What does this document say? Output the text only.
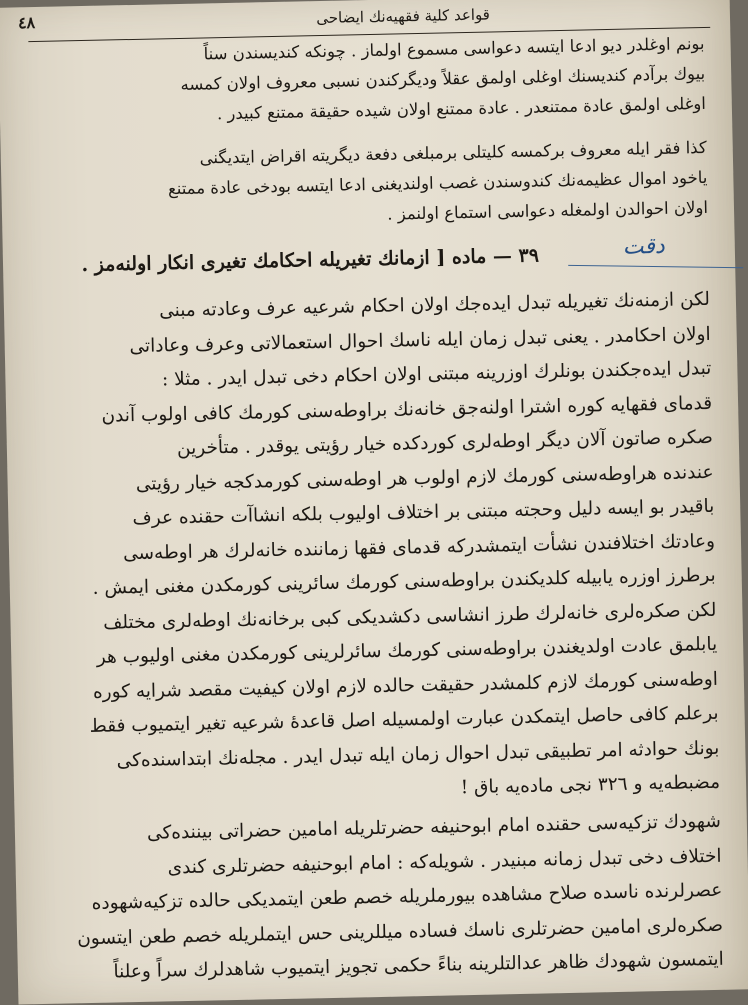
قواعد كلية فقهيه‌نك ايضاحی
٤٨
بونم اوغلدر ديو ادعا ايتسه دعواسی مسموع اولماز . چونكه كنديسندن سناً
بيوك برآدم كنديسنك اوغلی اولمق عقلاً وديگركندن نسبی معروف اولان كمسه
اوغلی اولمق عادة ممتنعدر . عادة ممتنع اولان شيده حقيقة ممتنع كبيدر .
كذا فقر ايله معروف بركمسه كليتلی برمبلغی دفعة ديگريته اقراض ايتديگنی
ياخود اموال عظيمه‌نك كندوسندن غصب اولنديغنی ادعا ايتسه بودخی عادة ممتنع
اولان احوالدن اولمغله دعواسی استماع اولنمز .
٣٩ — ماده [ ازمانك تغيريله احكامك تغيری انكار اولنه‌مز .	دقت
لكن ازمنه‌نك تغيريله تبدل ايده‌جك اولان احكام شرعيه عرف وعادته مبنی
اولان احكامدر . يعنی تبدل زمان ايله ناسك احوال استعمالاتی وعرف وعاداتی
تبدل ايده‌جكندن بونلرك اوزرينه مبتنی اولان احكام دخی تبدل ايدر . مثلا :
قدمای فقهايه كوره اشترا اولنه‌جق خانه‌نك براوطه‌سنی كورمك كافی اولوب آندن
صكره صاتون آلان ديگر اوطه‌لری كوردكده خيار رؤيتی يوقدر . متأخرين
عندنده هراوطه‌سنی كورمك لازم اولوب هر اوطه‌سنی كورمدكجه خيار رؤيتی
باقيدر بو ايسه دليل وحجته مبتنی بر اختلاف اوليوب بلكه انشاآت حقنده عرف
وعادتك اختلافندن نشأت ايتمشدركه قدمای فقها زماننده خانه‌لرك هر اوطه‌سی
برطرز اوزره يابيله كلديكندن براوطه‌سنی كورمك سائرينی كورمكدن مغنی ايمش .
لكن صكره‌لری خانه‌لرك طرز انشاسی دكشديكی كبی برخانه‌نك اوطه‌لری مختلف
يابلمق عادت اولديغندن براوطه‌سنی كورمك سائرلرينی كورمكدن مغنی اوليوب هر
اوطه‌سنی كورمك لازم كلمشدر حقيقت حالده لازم اولان كيفيت مقصد شرايه كوره
برعلم كافی حاصل ايتمكدن عبارت اولمسيله اصل قاعدهٔ شرعيه تغير ايتميوب فقط
بونك حوادثه امر تطبيقی تبدل احوال زمان ايله تبدل ايدر . مجله‌نك ابتداسنده‌كی
مضبطه‌يه و ٣٢٦ نجی ماده‌يه باق !
شهودك تزكيه‌سی حقنده امام ابوحنيفه حضرتلريله امامين حضراتی بيننده‌كی
اختلاف دخی تبدل زمانه مبنيدر . شويله‌كه : امام ابوحنيفه حضرتلری كندی
عصرلرنده ناسده صلاح مشاهده بيورملريله خصم طعن ايتمديكی حالده تزكيه‌شهوده
صكره‌لری امامين حضرتلری ناسك فساده ميللرينی حس ايتملريله خصم طعن ايتسون
ايتمسون شهودك ظاهر عدالتلرينه بناءً حكمی تجويز ايتميوب شاهدلرك سراً وعلناً
